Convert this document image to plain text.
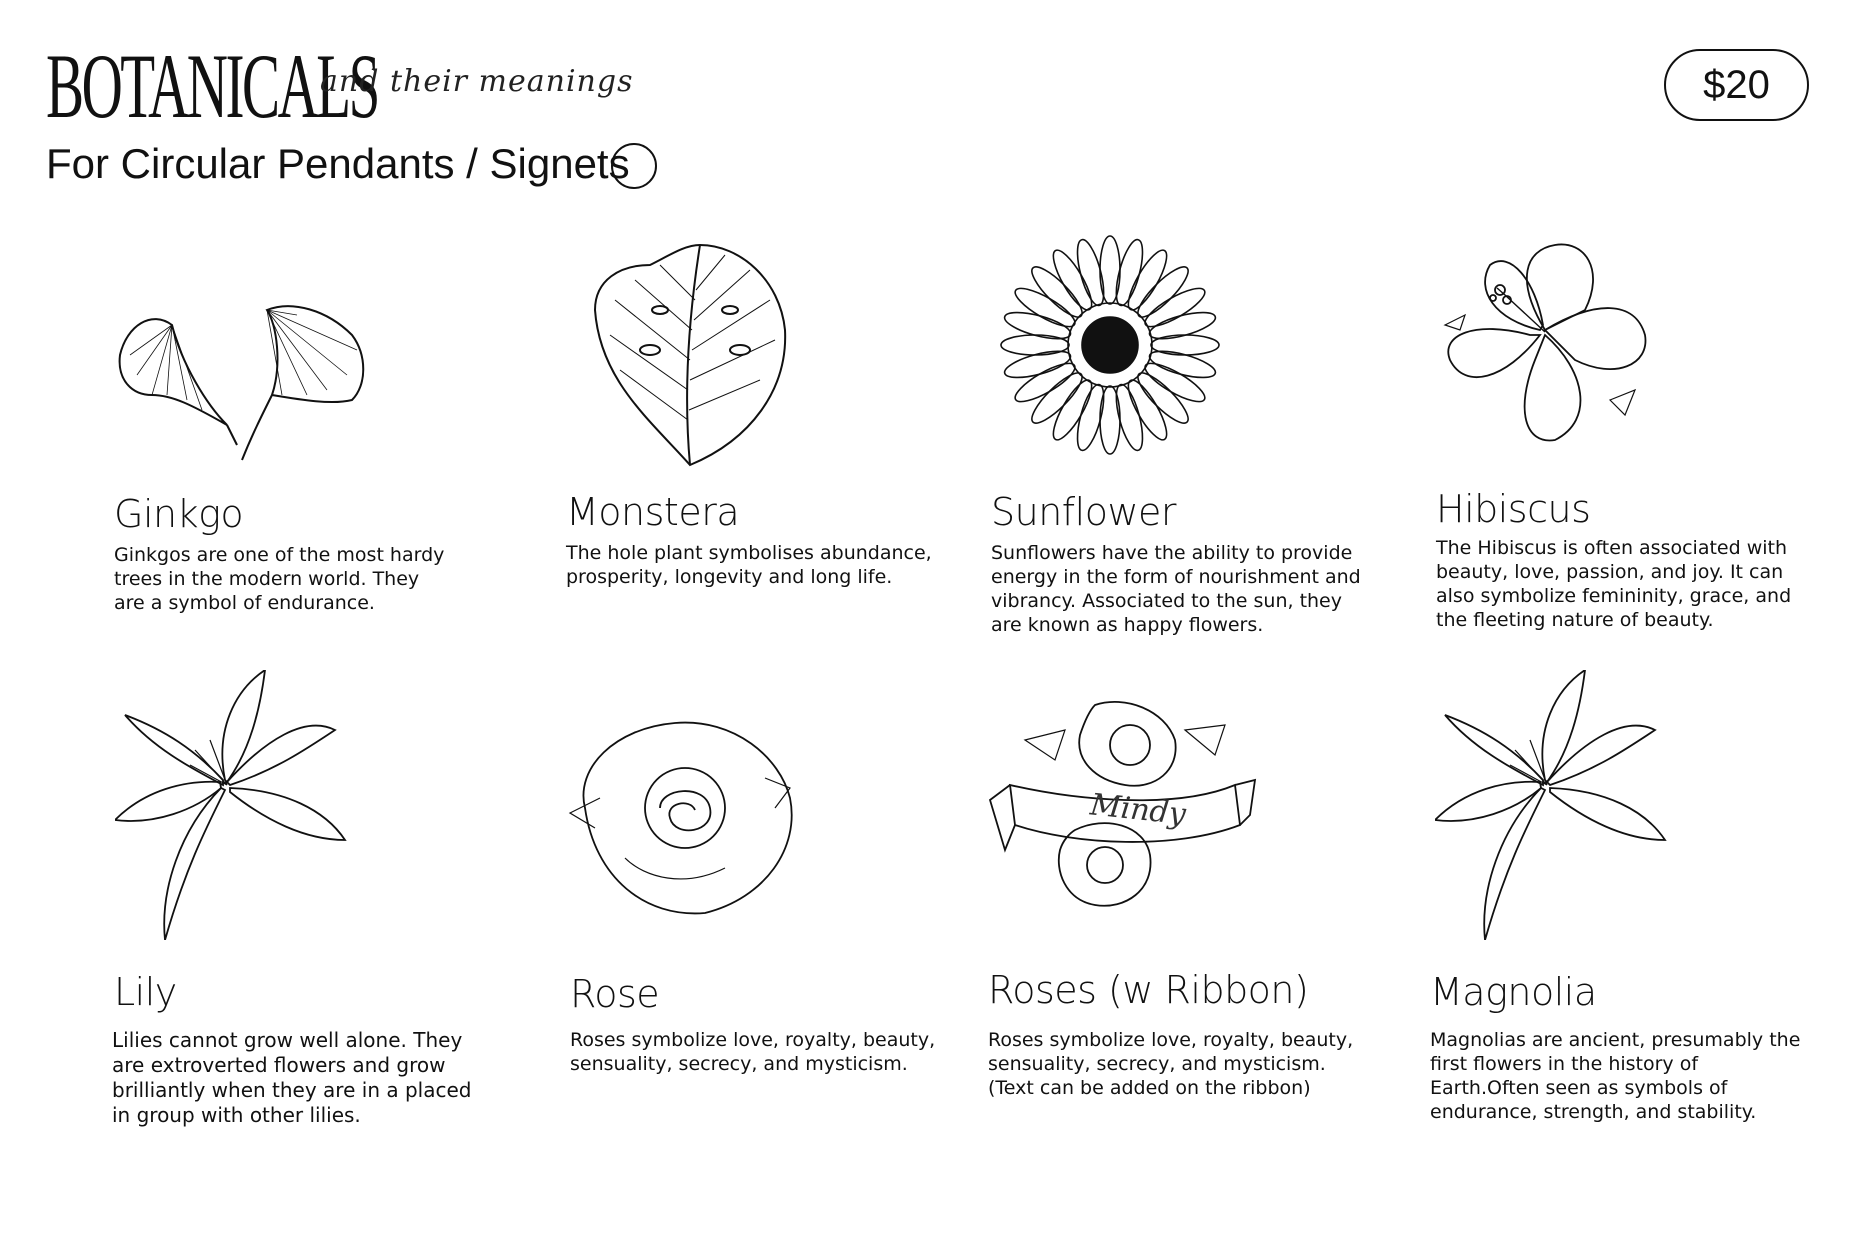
BOTANICALS
and their meanings
For Circular Pendants / Signets
$20
Ginkgo
Ginkgos are one of the most hardy trees in the modern world. They are a symbol of endurance.
Monstera
The hole plant symbolises abundance, prosperity, longevity and long life.
Sunflower
Sunflowers have the ability to provide energy in the form of nourishment and vibrancy. Associated to the sun, they are known as happy flowers.
Hibiscus
The Hibiscus is often associated with beauty, love, passion, and joy. It can also symbolize femininity, grace, and the fleeting nature of beauty.
Lily
Lilies cannot grow well alone. They are extroverted flowers and grow brilliantly when they are in a placed in group with other lilies.
Rose
Roses symbolize love, royalty, beauty, sensuality, secrecy, and mysticism.
Mindy
Roses (w Ribbon)
Roses symbolize love, royalty, beauty, sensuality, secrecy, and mysticism. (Text can be added on the ribbon)
Magnolia
Magnolias are ancient, presumably the first flowers in the history of Earth.Often seen as symbols of endurance, strength, and stability.
